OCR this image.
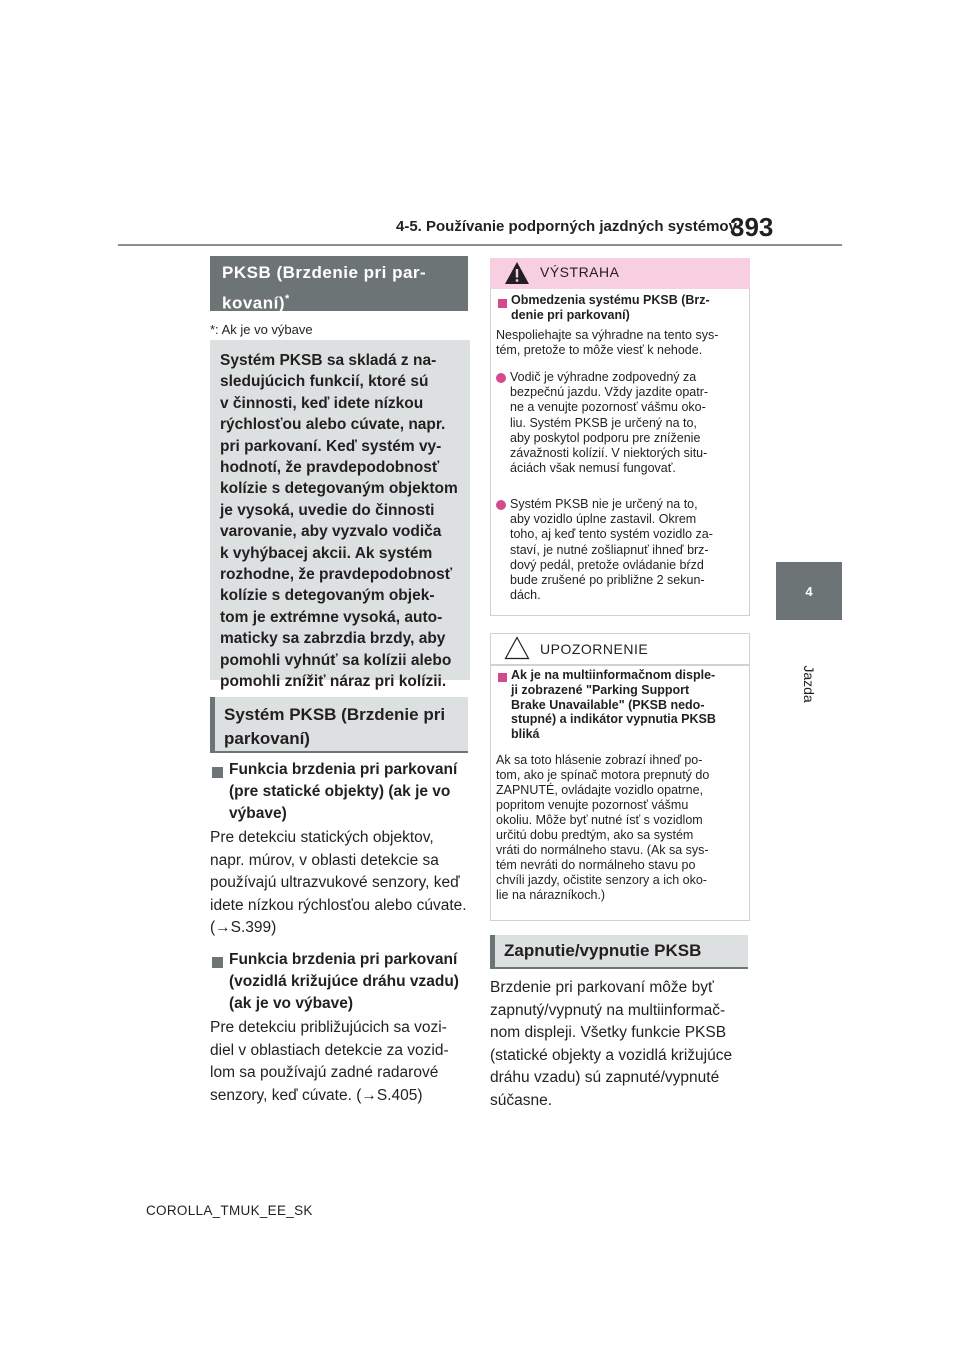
4-5. Používanie podporných jazdných systémov
393
4
Jazda
PKSB (Brzdenie pri par-
kovaní)*
*: Ak je vo výbave
Systém PKSB sa skladá z na-
sledujúcich funkcií, ktoré sú
v činnosti, keď idete nízkou
rýchlosťou alebo cúvate, napr.
pri parkovaní. Keď systém vy-
hodnotí, že pravdepodobnosť
kolízie s detegovaným objektom
je vysoká, uvedie do činnosti
varovanie, aby vyzvalo vodiča
k vyhýbacej akcii. Ak systém
rozhodne, že pravdepodobnosť
kolízie s detegovaným objek-
tom je extrémne vysoká, auto-
maticky sa zabrzdia brzdy, aby
pomohli vyhnúť sa kolízii alebo
pomohli znížiť náraz pri kolízii.
Systém PKSB (Brzdenie pri
parkovaní)
Funkcia brzdenia pri parkovaní
(pre statické objekty) (ak je vo
výbave)
Pre detekciu statických objektov,
napr. múrov, v oblasti detekcie sa
používajú ultrazvukové senzory, keď
idete nízkou rýchlosťou alebo cúvate.
(→S.399)
Funkcia brzdenia pri parkovaní
(vozidlá križujúce dráhu vzadu)
(ak je vo výbave)
Pre detekciu približujúcich sa vozi-
diel v oblastiach detekcie za vozid-
lom sa používajú zadné radarové
senzory, keď cúvate. (→S.405)
VÝSTRAHA
Obmedzenia systému PKSB (Brz-
denie pri parkovaní)
Nespoliehajte sa výhradne na tento sys-
tém, pretože to môže viesť k nehode.
Vodič je výhradne zodpovedný za
bezpečnú jazdu. Vždy jazdite opatr-
ne a venujte pozornosť vášmu oko-
liu. Systém PKSB je určený na to,
aby poskytol podporu pre zníženie
závažnosti kolízií. V niektorých situ-
áciách však nemusí fungovať.
Systém PKSB nie je určený na to,
aby vozidlo úplne zastavil. Okrem
toho, aj keď tento systém vozidlo za-
staví, je nutné zošliapnuť ihneď brz-
dový pedál, pretože ovládanie bŕzd
bude zrušené po približne 2 sekun-
dách.
UPOZORNENIE
Ak je na multiinformačnom disple-
ji zobrazené "Parking Support
Brake Unavailable" (PKSB nedo-
stupné) a indikátor vypnutia PKSB
bliká
Ak sa toto hlásenie zobrazí ihneď po-
tom, ako je spínač motora prepnutý do
ZAPNUTÉ, ovládajte vozidlo opatrne,
popritom venujte pozornosť vášmu
okoliu. Môže byť nutné ísť s vozidlom
určitú dobu predtým, ako sa systém
vráti do normálneho stavu. (Ak sa sys-
tém nevráti do normálneho stavu po
chvíli jazdy, očistite senzory a ich oko-
lie na nárazníkoch.)
Zapnutie/vypnutie PKSB
Brzdenie pri parkovaní môže byť
zapnutý/vypnutý na multiinformač-
nom displeji. Všetky funkcie PKSB
(statické objekty a vozidlá križujúce
dráhu vzadu) sú zapnuté/vypnuté
súčasne.
COROLLA_TMUK_EE_SK
